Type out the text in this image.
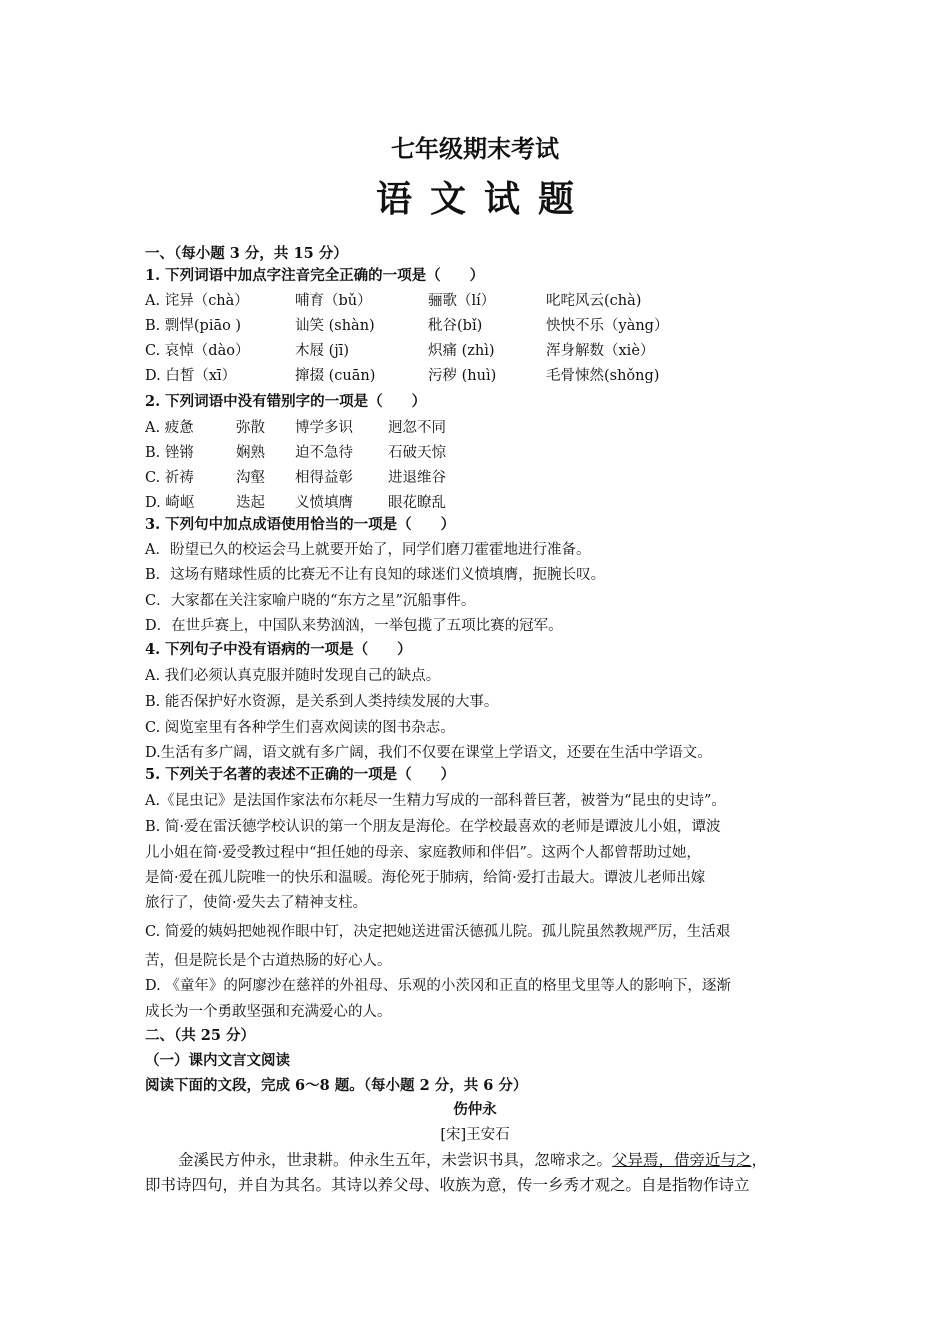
七年级期末考试
语文试题
一、（每小题 3 分，共 15 分）
1. 下列词语中加点字注音完全正确的一项是（　　）
A. 诧异（chà）	哺育（bǔ）	骊歌（lí）	叱咤风云(chà)
B. 剽悍(piāo )	讪笑 (shàn)	秕谷(bǐ)	怏怏不乐（yàng）
C. 哀悼（dào）	木屐 (jī)	炽痛 (zhì)	浑身解数（xiè）
D. 白皙（xī）	撺掇 (cuān)	污秽 (huì)	毛骨悚然(shǒng)
2. 下列词语中没有错别字的一项是（　　）
A. 疲惫	弥散 博学多识 迥忽不同
B. 锉锵	娴熟 迫不急待 石破天惊
C. 祈祷	沟壑 相得益彰 进退维谷
D. 崎岖	迭起 义愤填膺 眼花瞭乱
3. 下列句中加点成语使用恰当的一项是（　　）
A．盼望已久的校运会马上就要开始了，同学们磨刀霍霍地进行准备。
B．这场有赌球性质的比赛无不让有良知的球迷们义愤填膺，扼腕长叹。
C．大家都在关注家喻户晓的“东方之星”沉船事件。
D．在世乒赛上，中国队来势汹汹，一举包揽了五项比赛的冠军。
4. 下列句子中没有语病的一项是（　　）
A. 我们必须认真克服并随时发现自己的缺点。
B. 能否保护好水资源，是关系到人类持续发展的大事。
C. 阅览室里有各种学生们喜欢阅读的图书杂志。
D.生活有多广阔，语文就有多广阔，我们不仅要在课堂上学语文，还要在生活中学语文。
5. 下列关于名著的表述不正确的一项是（　　）
A.《昆虫记》是法国作家法布尔耗尽一生精力写成的一部科普巨著，被誉为“昆虫的史诗”。
B. 简·爱在雷沃德学校认识的第一个朋友是海伦。在学校最喜欢的老师是谭波儿小姐，谭波
儿小姐在简·爱受教过程中“担任她的母亲、家庭教师和伴侣”。这两个人都曾帮助过她，
是简·爱在孤儿院唯一的快乐和温暖。海伦死于肺病，给简·爱打击最大。谭波儿老师出嫁
旅行了，使简·爱失去了精神支柱。
C. 简爱的姨妈把她视作眼中钉，决定把她送进雷沃德孤儿院。孤儿院虽然教规严厉，生活艰
苦，但是院长是个古道热肠的好心人。
D. 《童年》的阿廖沙在慈祥的外祖母、乐观的小茨冈和正直的格里戈里等人的影响下，逐渐
成长为一个勇敢坚强和充满爱心的人。
二、（共 25 分）
（一）课内文言文阅读
阅读下面的文段，完成 6～8 题。（每小题 2 分，共 6 分）
伤仲永
[宋]王安石
金溪民方仲永，世隶耕。仲永生五年，未尝识书具，忽啼求之。父异焉，借旁近与之，
即书诗四句，并自为其名。其诗以养父母、收族为意，传一乡秀才观之。自是指物作诗立
